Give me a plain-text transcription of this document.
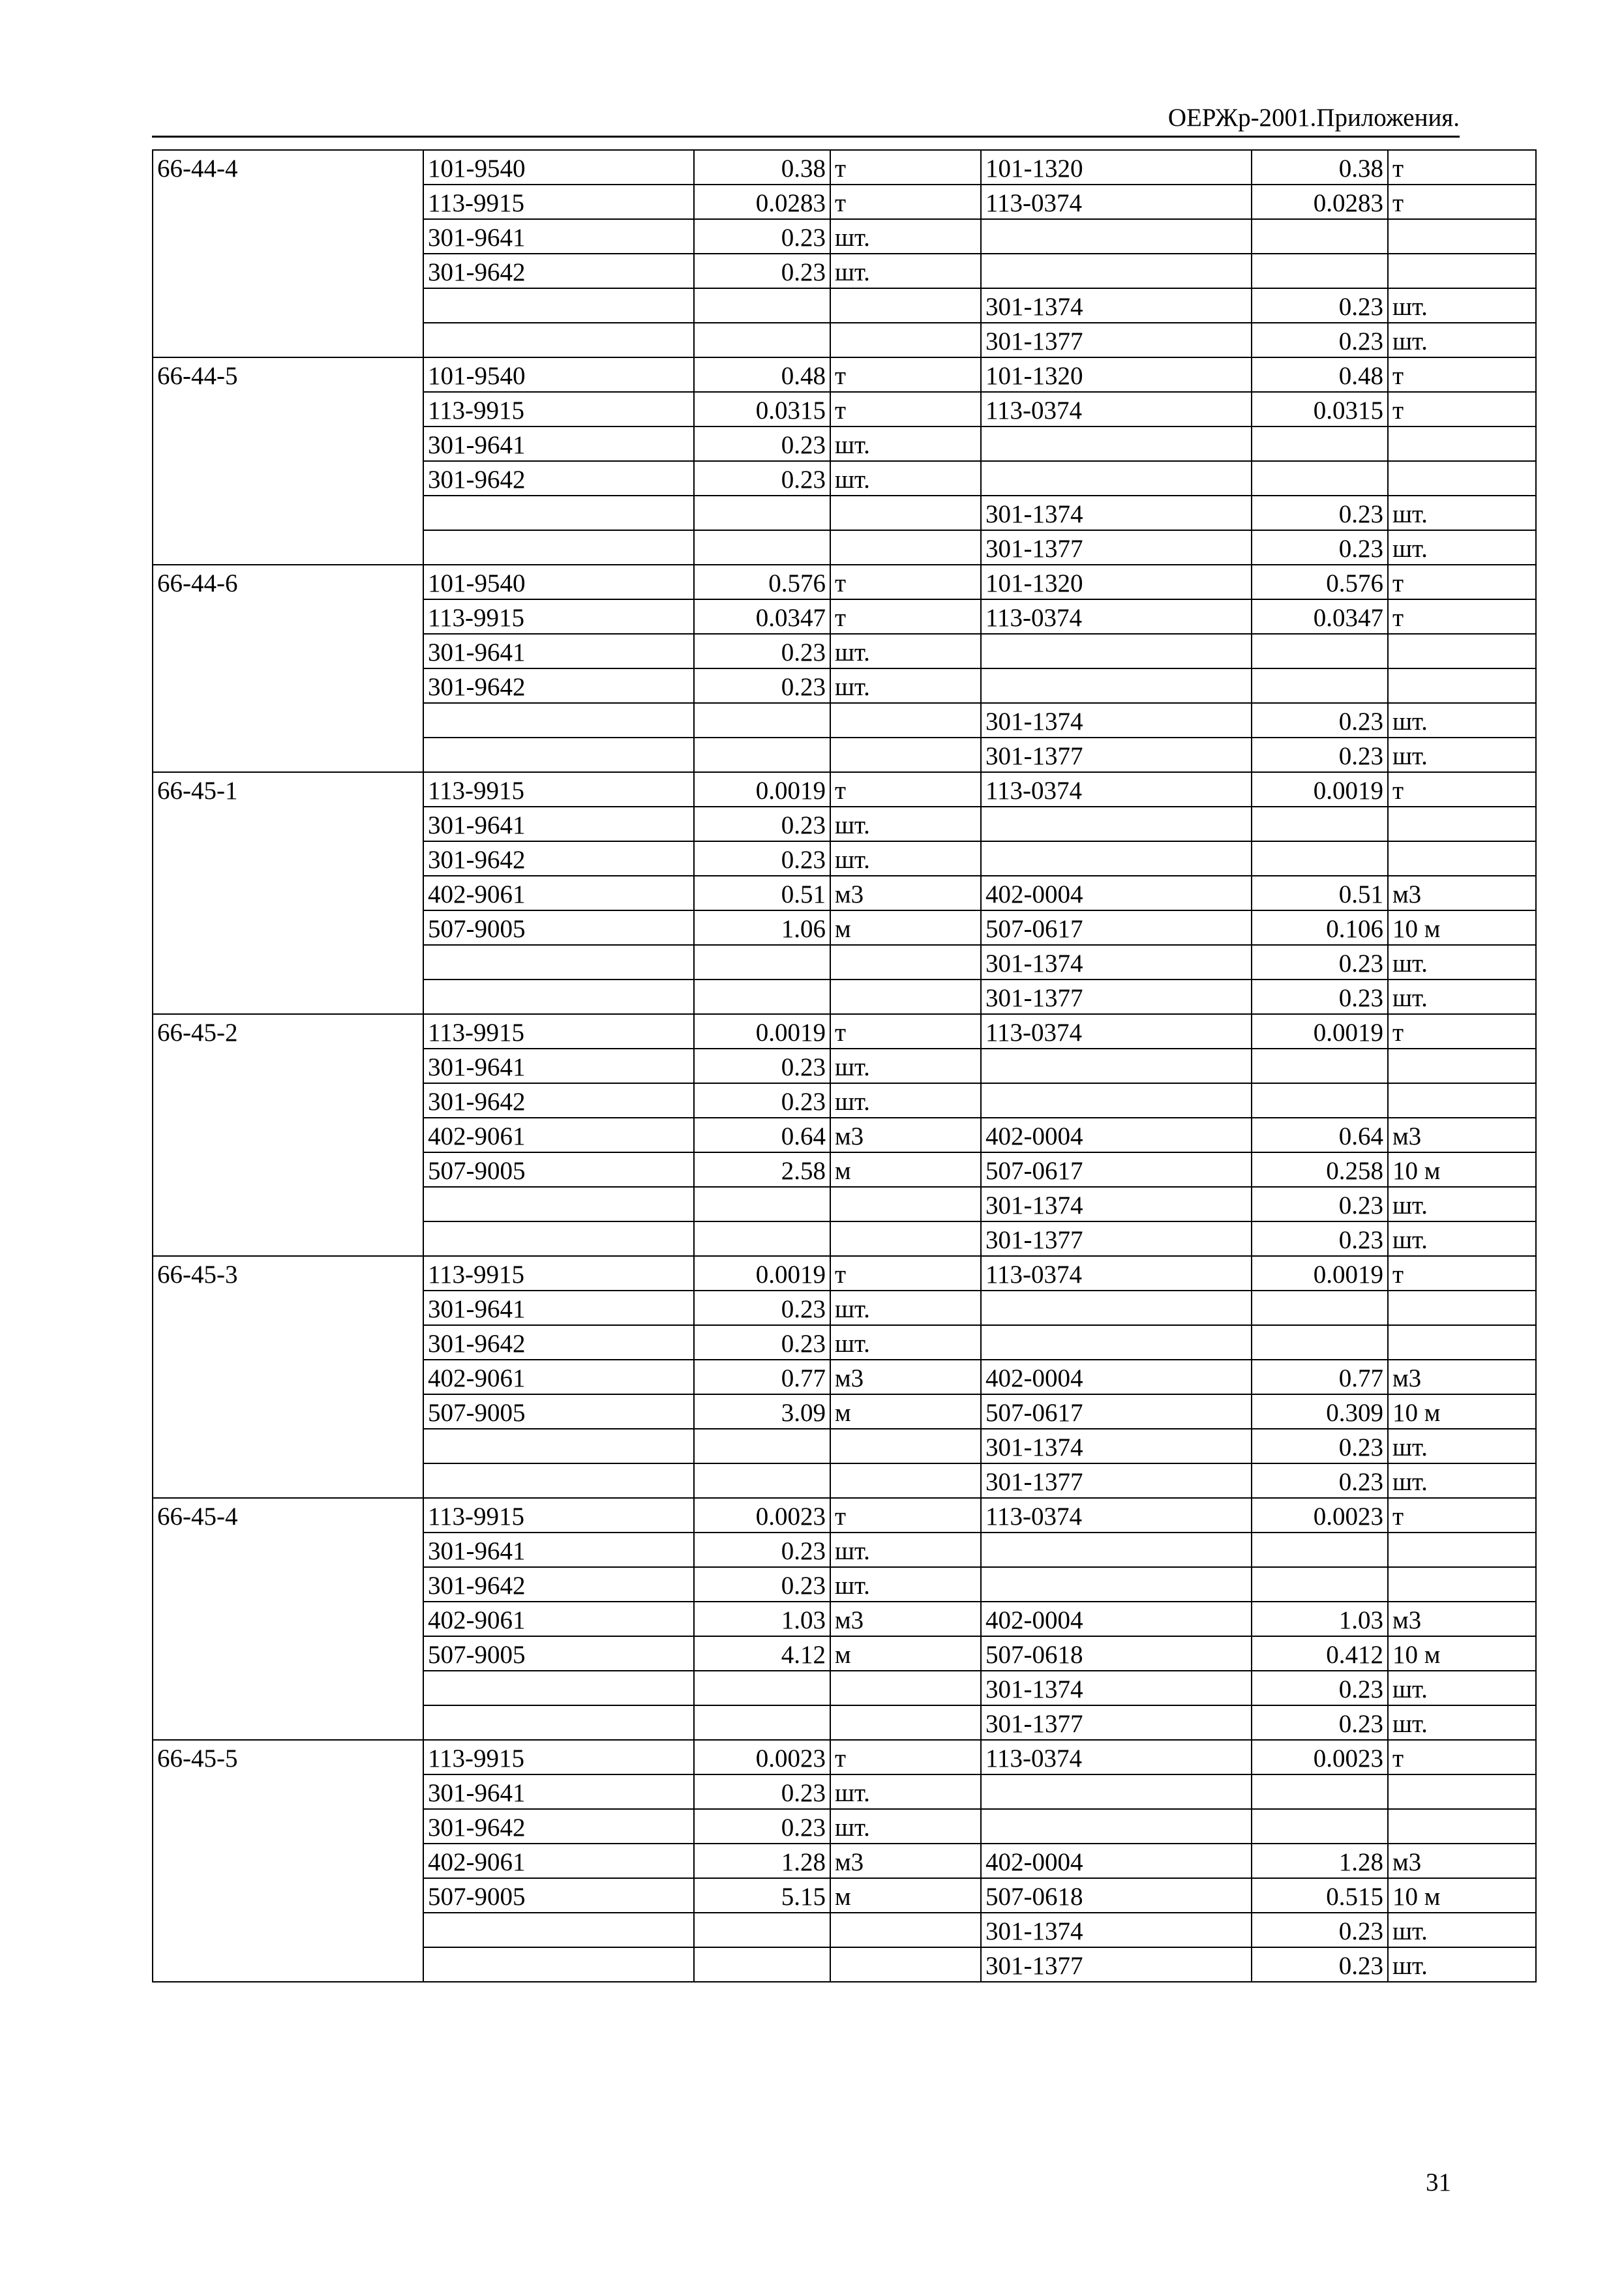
ОЕРЖр-2001.Приложения.
66-44-4	101-9540	0.38	т	101-1320	0.38	т
	113-9915	0.0283	т	113-0374	0.0283	т
	301-9641	0.23	шт.			
	301-9642	0.23	шт.			
				301-1374	0.23	шт.
				301-1377	0.23	шт.
66-44-5	101-9540	0.48	т	101-1320	0.48	т
	113-9915	0.0315	т	113-0374	0.0315	т
	301-9641	0.23	шт.			
	301-9642	0.23	шт.			
				301-1374	0.23	шт.
				301-1377	0.23	шт.
66-44-6	101-9540	0.576	т	101-1320	0.576	т
	113-9915	0.0347	т	113-0374	0.0347	т
	301-9641	0.23	шт.			
	301-9642	0.23	шт.			
				301-1374	0.23	шт.
				301-1377	0.23	шт.
66-45-1	113-9915	0.0019	т	113-0374	0.0019	т
	301-9641	0.23	шт.			
	301-9642	0.23	шт.			
	402-9061	0.51	м3	402-0004	0.51	м3
	507-9005	1.06	м	507-0617	0.106	10 м
				301-1374	0.23	шт.
				301-1377	0.23	шт.
66-45-2	113-9915	0.0019	т	113-0374	0.0019	т
	301-9641	0.23	шт.			
	301-9642	0.23	шт.			
	402-9061	0.64	м3	402-0004	0.64	м3
	507-9005	2.58	м	507-0617	0.258	10 м
				301-1374	0.23	шт.
				301-1377	0.23	шт.
66-45-3	113-9915	0.0019	т	113-0374	0.0019	т
	301-9641	0.23	шт.			
	301-9642	0.23	шт.			
	402-9061	0.77	м3	402-0004	0.77	м3
	507-9005	3.09	м	507-0617	0.309	10 м
				301-1374	0.23	шт.
				301-1377	0.23	шт.
66-45-4	113-9915	0.0023	т	113-0374	0.0023	т
	301-9641	0.23	шт.			
	301-9642	0.23	шт.			
	402-9061	1.03	м3	402-0004	1.03	м3
	507-9005	4.12	м	507-0618	0.412	10 м
				301-1374	0.23	шт.
				301-1377	0.23	шт.
66-45-5	113-9915	0.0023	т	113-0374	0.0023	т
	301-9641	0.23	шт.			
	301-9642	0.23	шт.			
	402-9061	1.28	м3	402-0004	1.28	м3
	507-9005	5.15	м	507-0618	0.515	10 м
				301-1374	0.23	шт.
				301-1377	0.23	шт.
31
